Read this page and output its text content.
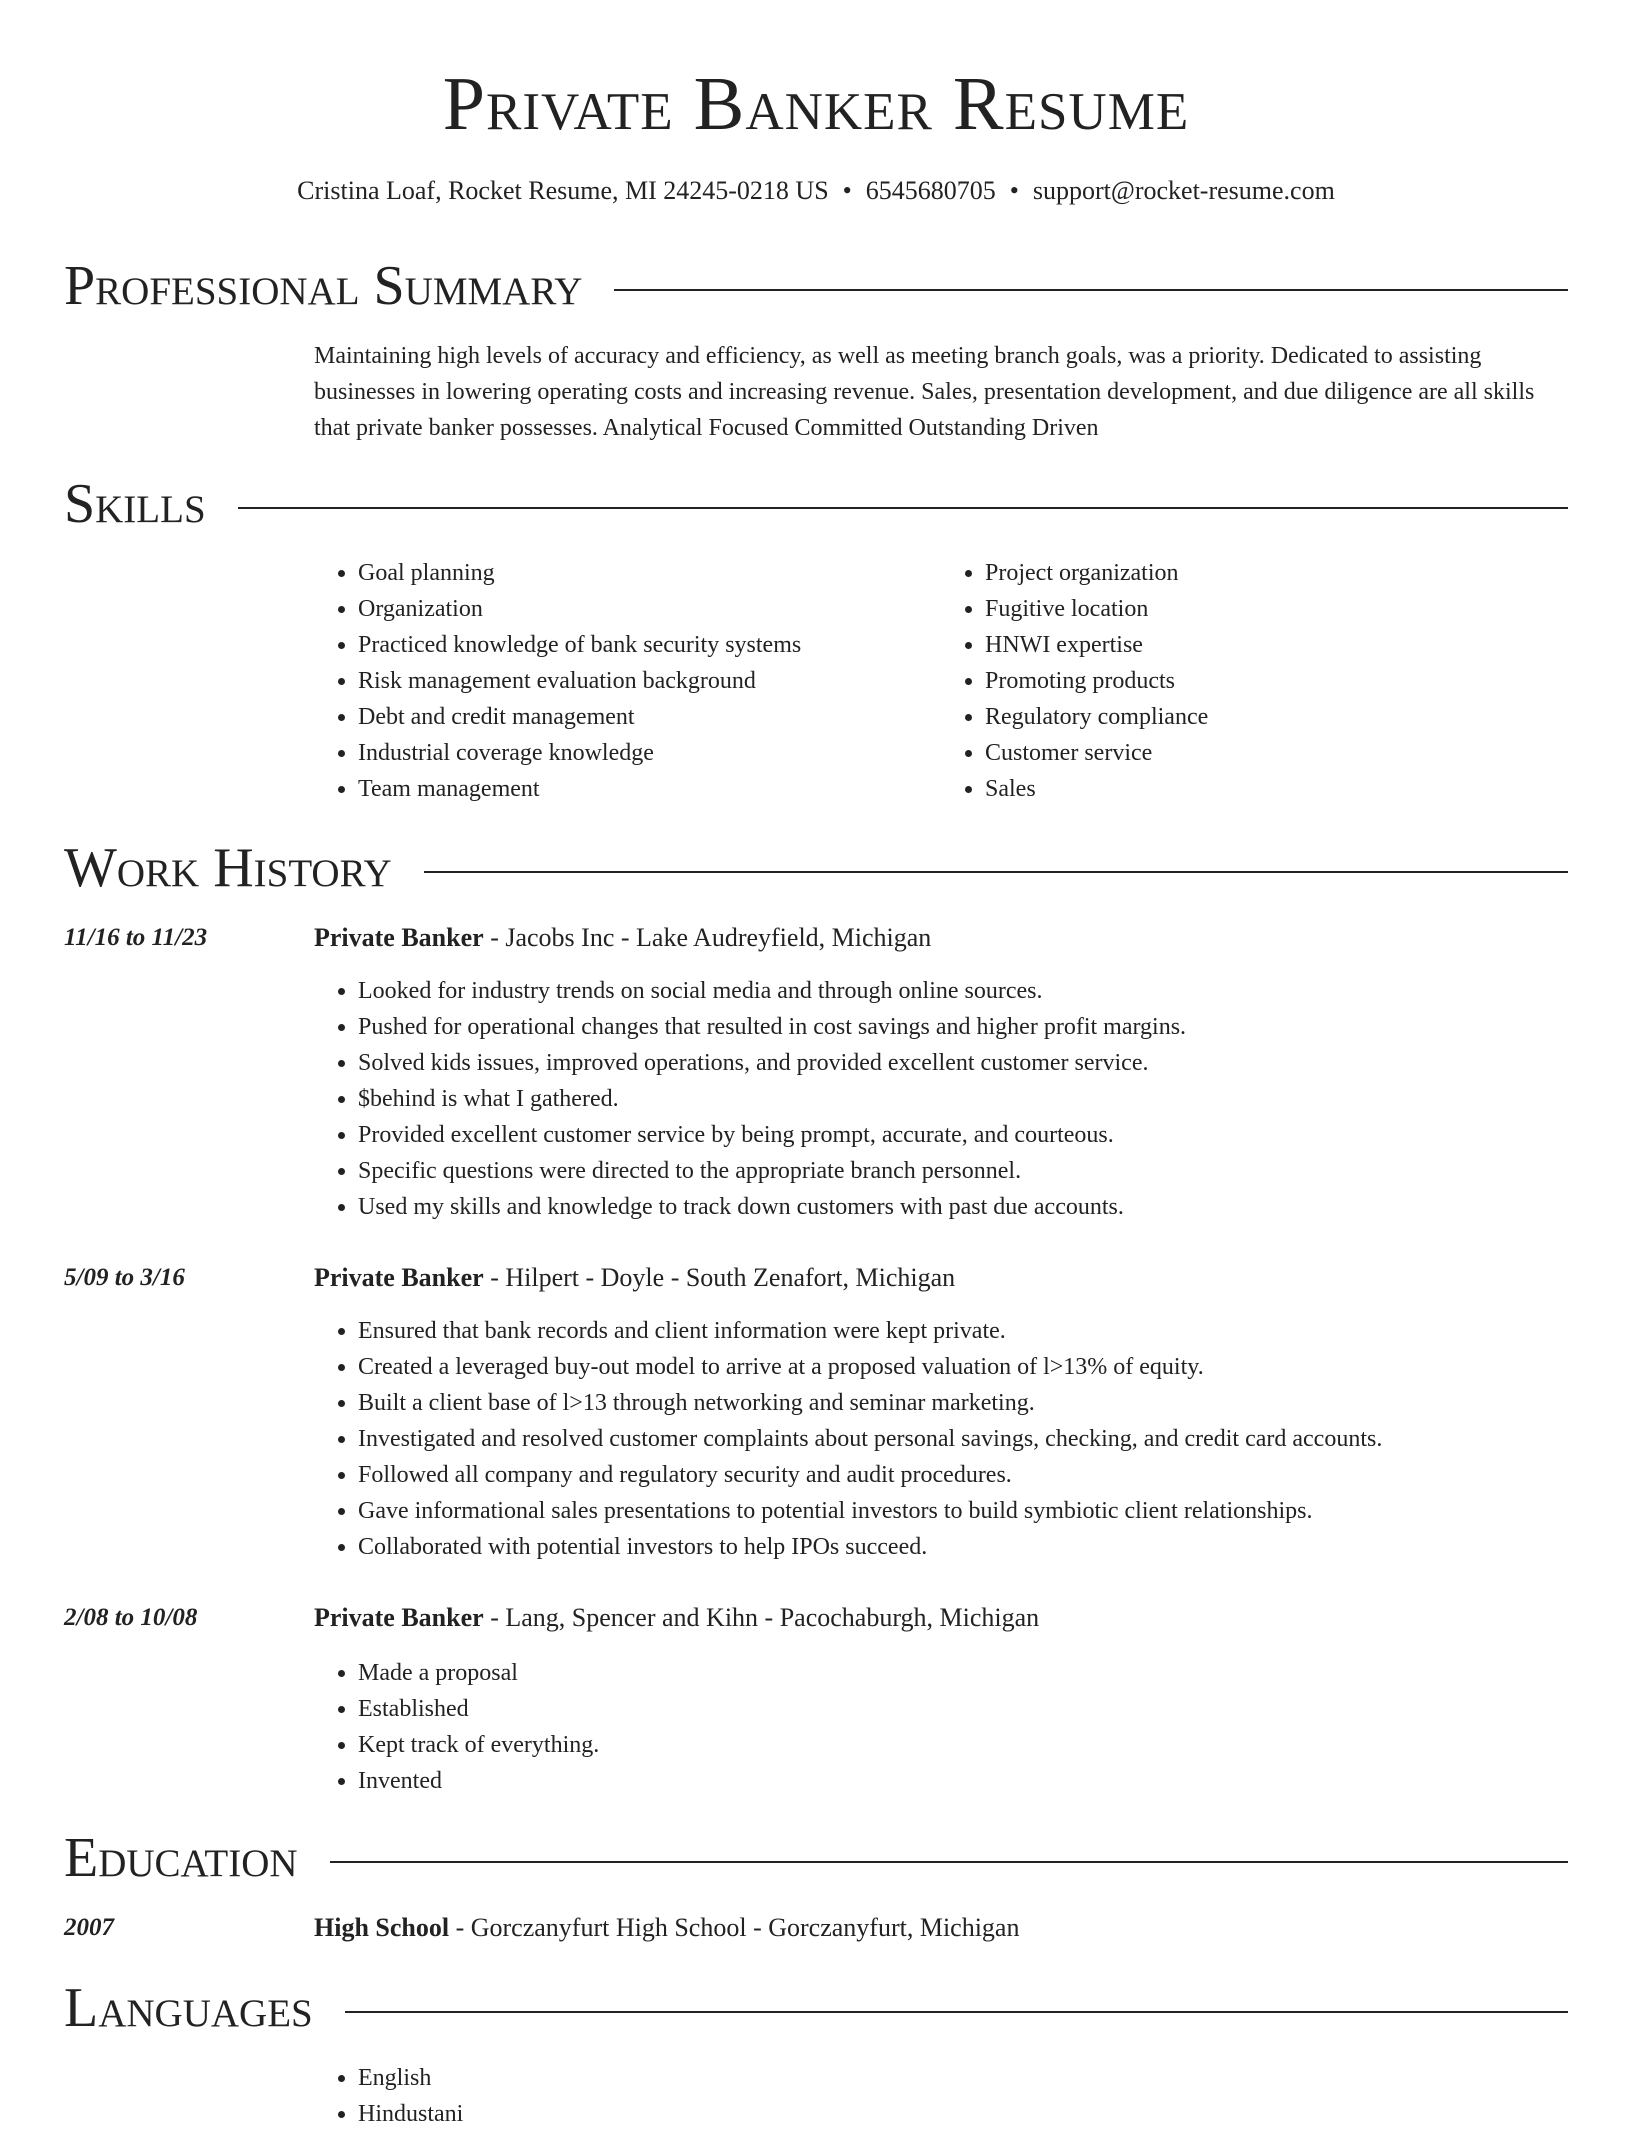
Private Banker Resume
Cristina Loaf, Rocket Resume, MI 24245-0218 US • 6545680705 • support@rocket-resume.com
Professional Summary
Maintaining high levels of accuracy and efficiency, as well as meeting branch goals, was a priority. Dedicated to assisting businesses in lowering operating costs and increasing revenue. Sales, presentation development, and due diligence are all skills that private banker possesses. Analytical Focused Committed Outstanding Driven
Skills
• Goal planning
• Organization
• Practiced knowledge of bank security systems
• Risk management evaluation background
• Debt and credit management
• Industrial coverage knowledge
• Team management
• Project organization
• Fugitive location
• HNWI expertise
• Promoting products
• Regulatory compliance
• Customer service
• Sales
Work History
11/16 to 11/23	Private Banker - Jacobs Inc - Lake Audreyfield, Michigan
• Looked for industry trends on social media and through online sources.
• Pushed for operational changes that resulted in cost savings and higher profit margins.
• Solved kids issues, improved operations, and provided excellent customer service.
• $behind is what I gathered.
• Provided excellent customer service by being prompt, accurate, and courteous.
• Specific questions were directed to the appropriate branch personnel.
• Used my skills and knowledge to track down customers with past due accounts.
5/09 to 3/16	Private Banker - Hilpert - Doyle - South Zenafort, Michigan
• Ensured that bank records and client information were kept private.
• Created a leveraged buy-out model to arrive at a proposed valuation of l>13% of equity.
• Built a client base of l>13 through networking and seminar marketing.
• Investigated and resolved customer complaints about personal savings, checking, and credit card accounts.
• Followed all company and regulatory security and audit procedures.
• Gave informational sales presentations to potential investors to build symbiotic client relationships.
• Collaborated with potential investors to help IPOs succeed.
2/08 to 10/08	Private Banker - Lang, Spencer and Kihn - Pacochaburgh, Michigan
• Made a proposal
• Established
• Kept track of everything.
• Invented
Education
2007	High School - Gorczanyfurt High School - Gorczanyfurt, Michigan
Languages
• English
• Hindustani
